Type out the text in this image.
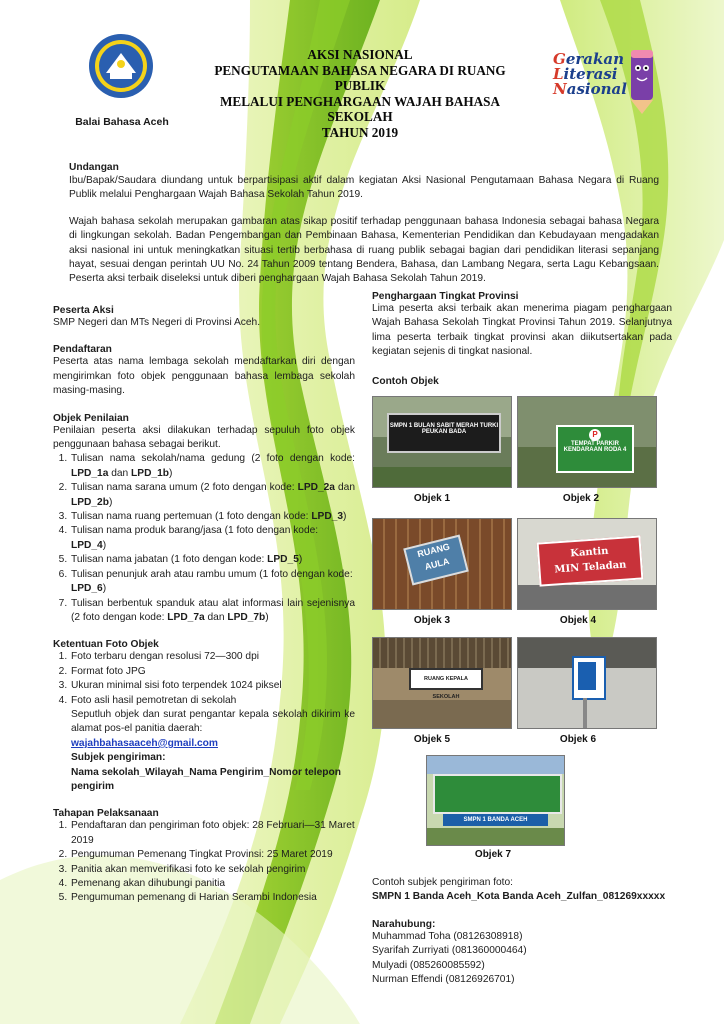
Balai Bahasa Aceh
AKSI NASIONAL
PENGUTAMAAN BAHASA NEGARA DI RUANG PUBLIK
MELALUI PENGHARGAAN WAJAH BAHASA SEKOLAH
TAHUN 2019
Gerakan
Literasi
Nasional
Undangan
Ibu/Bapak/Saudara diundang untuk berpartisipasi aktif dalam kegiatan Aksi Nasional Pengutamaan Bahasa Negara di Ruang Publik melalui Penghargaan Wajah Bahasa Sekolah Tahun 2019.
Wajah bahasa sekolah merupakan gambaran atas sikap positif terhadap penggunaan bahasa Indonesia sebagai bahasa Negara di lingkungan sekolah. Badan Pengembangan dan Pembinaan Bahasa, Kementerian Pendidikan dan Kebudayaan mengadakan aksi nasional ini untuk meningkatkan situasi tertib berbahasa di ruang publik sebagai bagian dari pendidikan literasi sepanjang hayat, sesuai dengan perintah UU No. 24 Tahun 2009 tentang Bendera, Bahasa, dan Lambang Negara, serta Lagu Kebangsaan. Peserta aksi terbaik diseleksi untuk diberi penghargaan Wajah Bahasa Sekolah Tahun 2019.
Peserta Aksi
SMP Negeri dan MTs Negeri di Provinsi Aceh.
Pendaftaran
Peserta atas nama lembaga sekolah mendaftarkan diri dengan mengirimkan foto objek penggunaan bahasa lembaga sekolah masing-masing.
Objek Penilaian
Penilaian peserta aksi dilakukan terhadap sepuluh foto objek penggunaan bahasa sebagai berikut.
1. Tulisan nama sekolah/nama gedung (2 foto dengan kode: LPD_1a dan LPD_1b)
2. Tulisan nama sarana umum (2 foto dengan kode: LPD_2a dan LPD_2b)
3. Tulisan nama ruang pertemuan (1 foto dengan kode: LPD_3)
4. Tulisan nama produk barang/jasa (1 foto dengan kode: LPD_4)
5. Tulisan nama jabatan (1 foto dengan kode: LPD_5)
6. Tulisan penunjuk arah atau rambu umum (1 foto dengan kode: LPD_6)
7. Tulisan berbentuk spanduk atau alat informasi lain sejenisnya (2 foto dengan kode: LPD_7a dan LPD_7b)
Ketentuan Foto Objek
1. Foto terbaru dengan resolusi 72—300 dpi
2. Format foto JPG
3. Ukuran minimal sisi foto terpendek 1024 piksel
4. Foto asli hasil pemotretan di sekolah
Seputluh objek dan surat pengantar kepala sekolah dikirim ke alamat pos-el panitia daerah:
wajahbahasaaceh@gmail.com
Subjek pengiriman:
Nama sekolah_Wilayah_Nama Pengirim_Nomor telepon pengirim
Tahapan Pelaksanaan
1. Pendaftaran dan pengiriman foto objek: 28 Februari—31 Maret 2019
2. Pengumuman Pemenang Tingkat Provinsi: 25 Maret 2019
3. Panitia akan memverifikasi foto ke sekolah pengirim
4. Pemenang akan dihubungi panitia
5. Pengumuman pemenang di Harian Serambi Indonesia
Penghargaan Tingkat Provinsi
Lima peserta aksi terbaik akan menerima piagam penghargaan Wajah Bahasa Sekolah Tingkat Provinsi Tahun 2019. Selanjutnya lima peserta terbaik tingkat provinsi akan diikutsertakan pada kegiatan sejenis di tingkat nasional.
Contoh Objek
SMPN 1 BULAN SABIT MERAH TURKI
PEUKAN BADA
Objek 1
P
TEMPAT PARKIR
KENDARAAN RODA 4
Objek 2
RUANG
AULA
Objek 3
Kantin
MIN Teladan
Objek 4
RUANG KEPALA SEKOLAH
Objek 5	Objek 6
SMPN 1 BANDA ACEH
Objek 7
Contoh subjek pengiriman foto:
SMPN 1 Banda Aceh_Kota Banda Aceh_Zulfan_081269xxxxx
Narahubung:
Muhammad Toha (08126308918)
Syarifah Zurriyati (081360000464)
Mulyadi (085260085592)
Nurman Effendi (08126926701)
